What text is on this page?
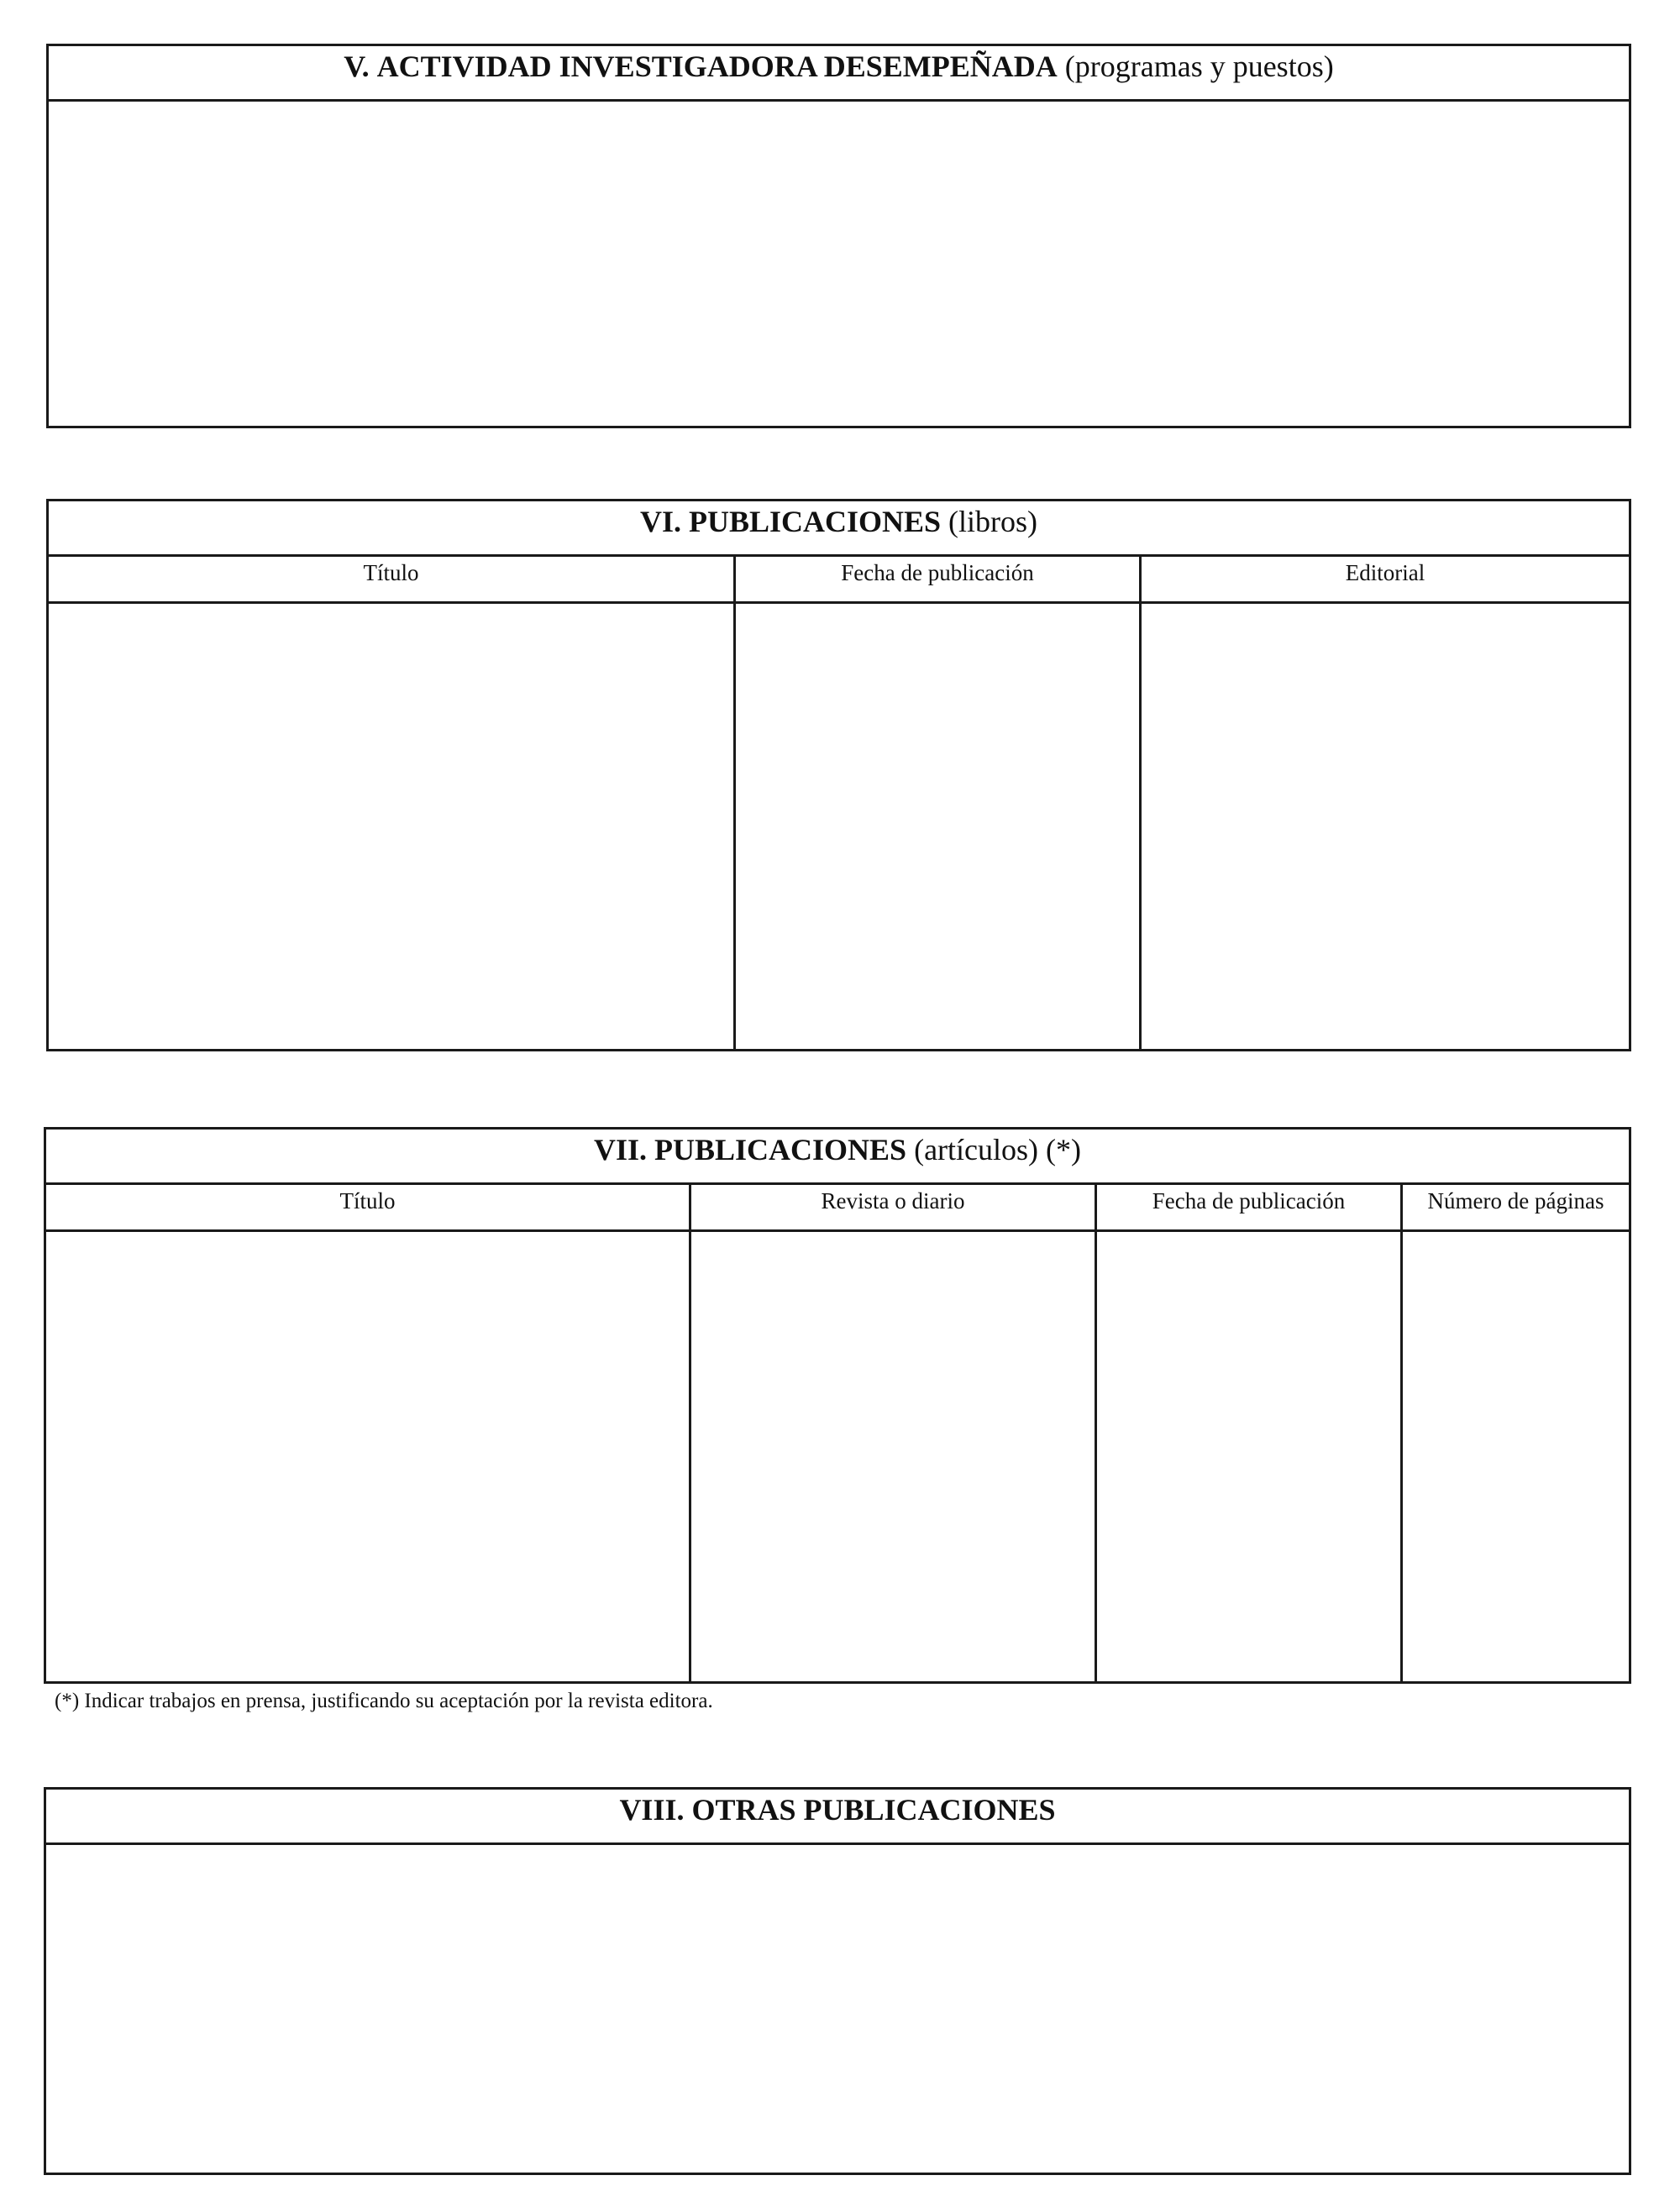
V. ACTIVIDAD INVESTIGADORA DESEMPEÑADA (programas y puestos)
VI. PUBLICACIONES (libros)
Título	Fecha de publicación	Editorial
VII. PUBLICACIONES (artículos) (*)
Título	Revista o diario	Fecha de publicación	Número de páginas
(*) Indicar trabajos en prensa, justificando su aceptación por la revista editora.
VIII. OTRAS PUBLICACIONES
